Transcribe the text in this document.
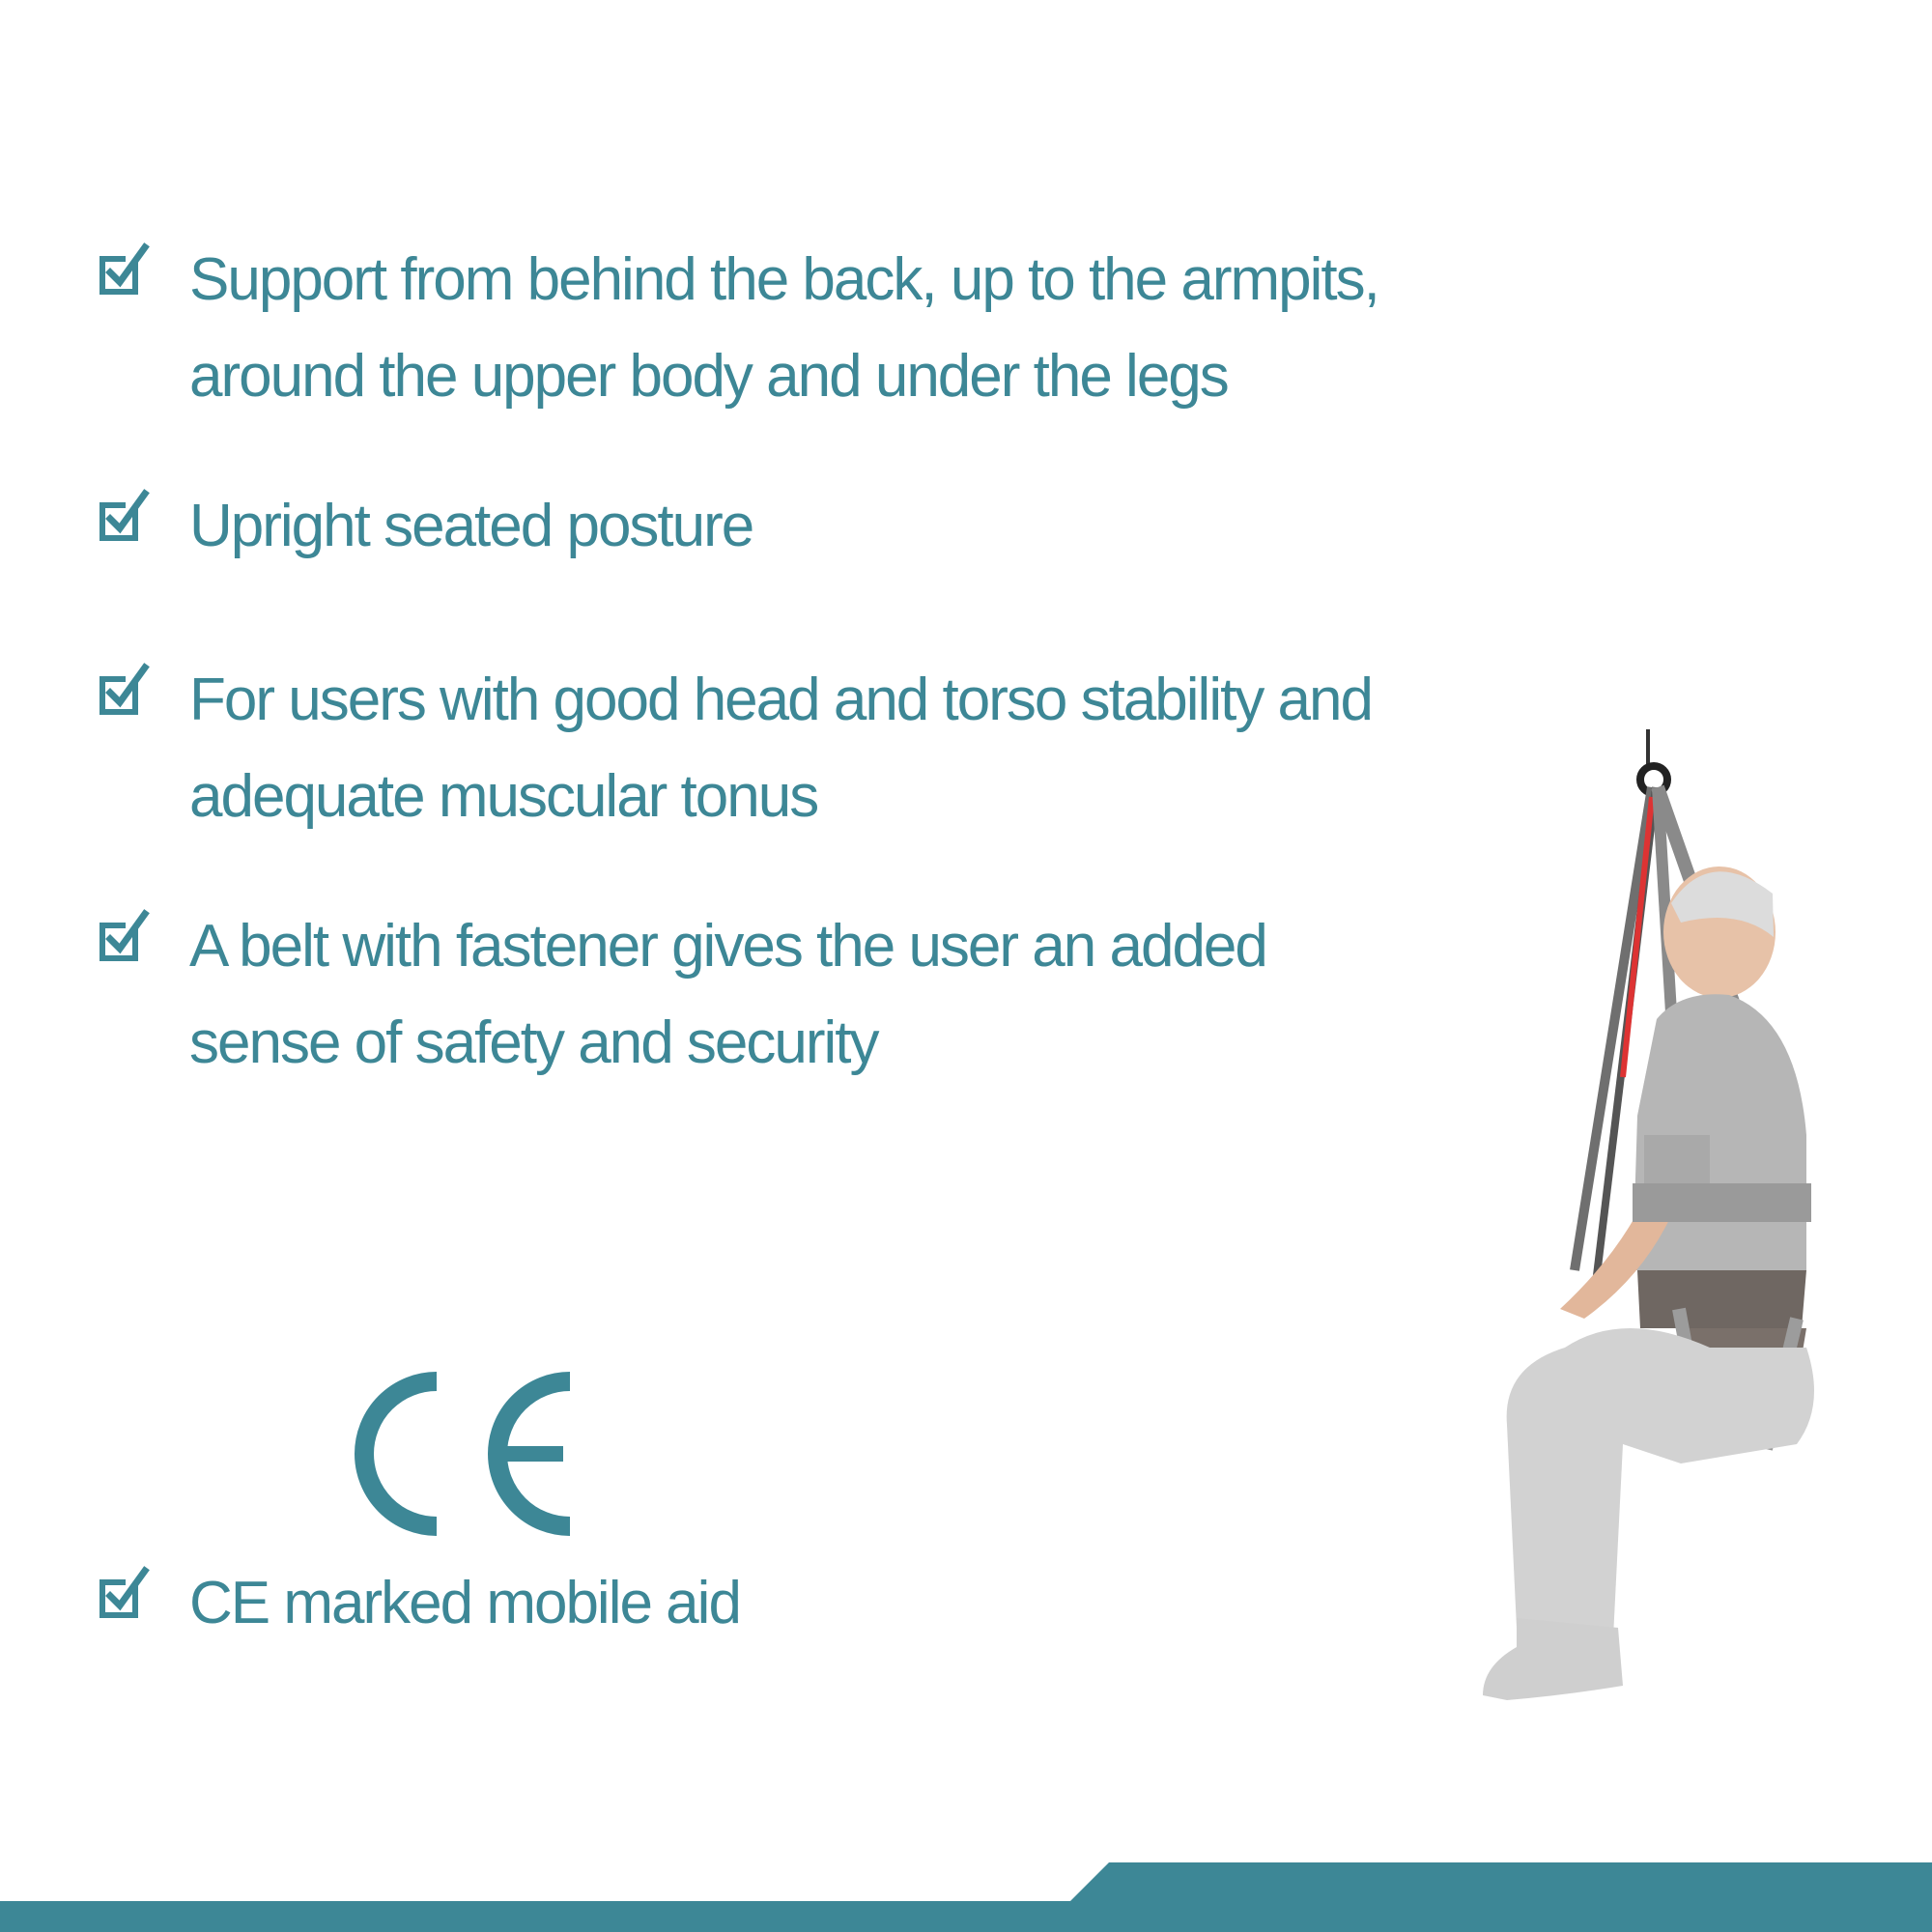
Support from behind the back, up to the armpits,
around the upper body and under the legs
Upright seated posture
For users with good head and torso stability and
adequate muscular tonus
A belt with fastener gives the user an added
sense of safety and security
CE marked mobile aid
